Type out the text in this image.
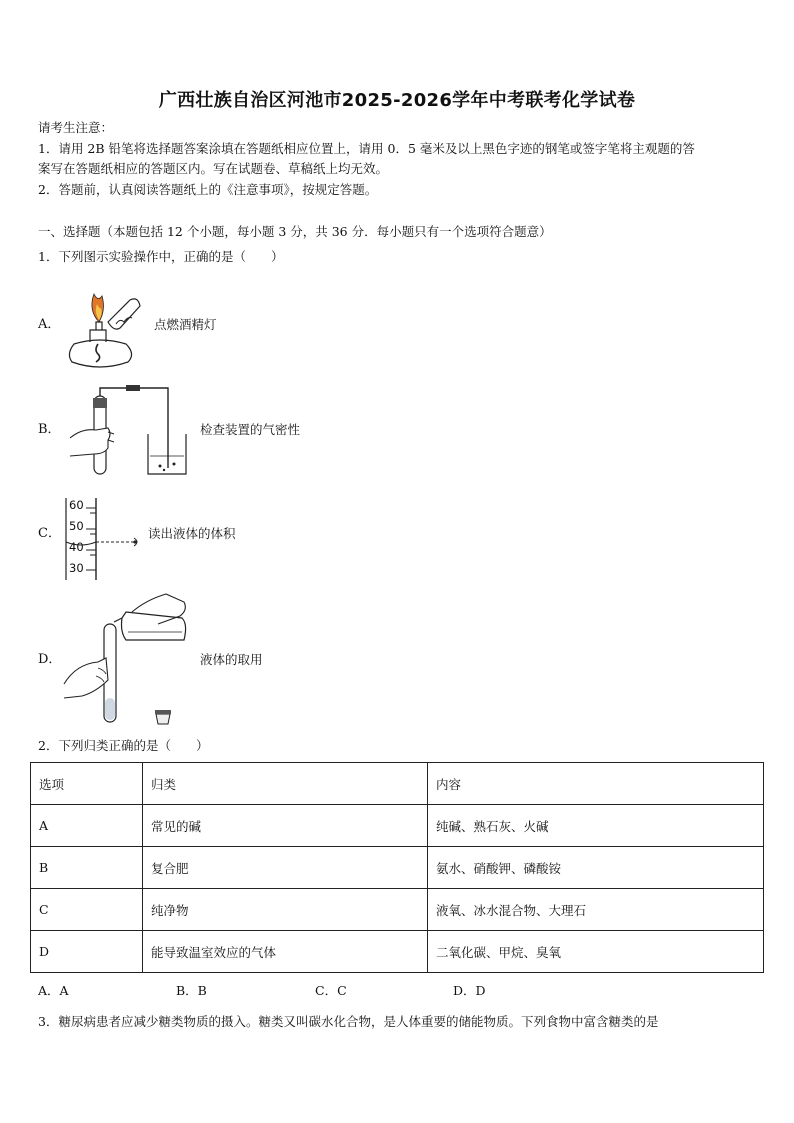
广西壮族自治区河池市2025-2026学年中考联考化学试卷
请考生注意：
1．请用 2B 铅笔将选择题答案涂填在答题纸相应位置上，请用 0．5 毫米及以上黑色字迹的钢笔或签字笔将主观题的答
案写在答题纸相应的答题区内。写在试题卷、草稿纸上均无效。
2．答题前，认真阅读答题纸上的《注意事项》，按规定答题。
一、选择题（本题包括 12 个小题，每小题 3 分，共 36 分．每小题只有一个选项符合题意）
1．下列图示实验操作中，正确的是（　　）
A．	点燃酒精灯
B．	检查装置的气密性
C．
60
50
40
30
读出液体的体积
D．	液体的取用
2．下列归类正确的是（　　）
选项	归类	内容
A	常见的碱	纯碱、熟石灰、火碱
B	复合肥	氨水、硝酸钾、磷酸铵
C	纯净物	液氧、冰水混合物、大理石
D	能导致温室效应的气体	二氧化碳、甲烷、臭氧
A．A	B．B	C．C	D．D
3．糖尿病患者应减少糖类物质的摄入。糖类又叫碳水化合物，是人体重要的储能物质。下列食物中富含糖类的是
